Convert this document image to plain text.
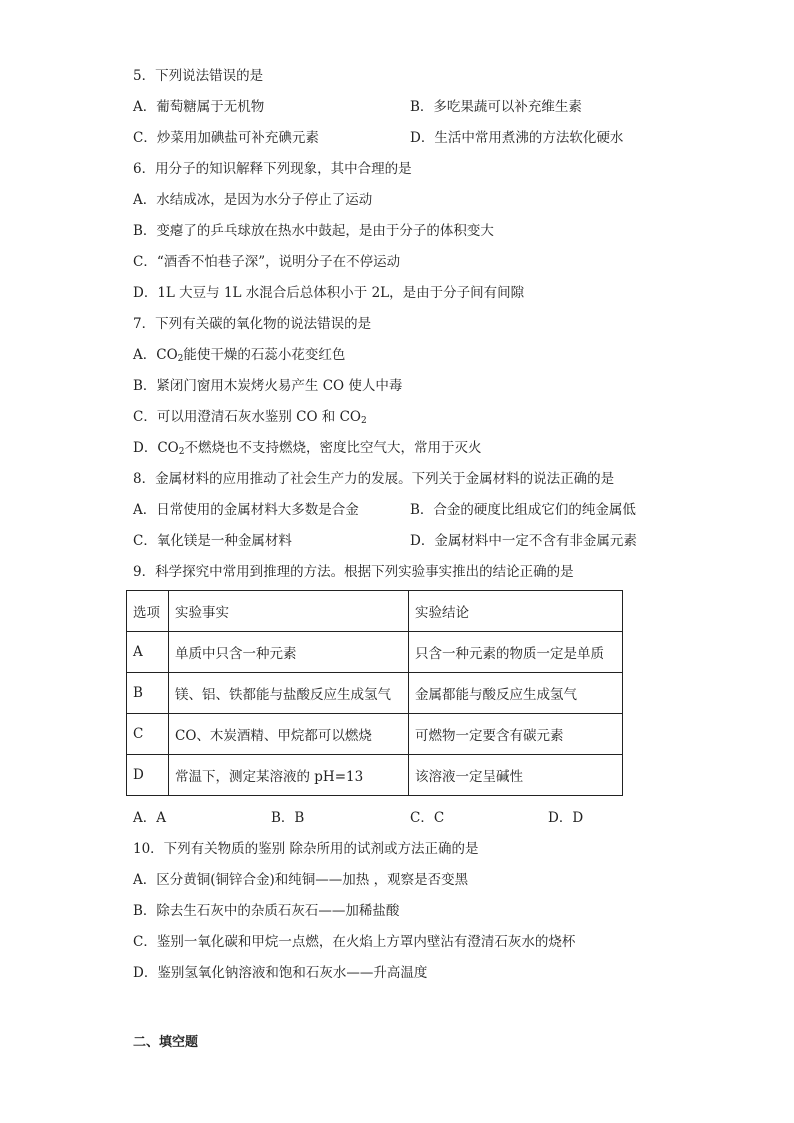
5．下列说法错误的是
A．葡萄糖属于无机物	B．多吃果蔬可以补充维生素
C．炒菜用加碘盐可补充碘元素	D．生活中常用煮沸的方法软化硬水
6．用分子的知识解释下列现象，其中合理的是
A．水结成冰，是因为水分子停止了运动
B．变瘪了的乒乓球放在热水中鼓起，是由于分子的体积变大
C．“酒香不怕巷子深”，说明分子在不停运动
D．1L 大豆与 1L 水混合后总体积小于 2L，是由于分子间有间隙
7．下列有关碳的氧化物的说法错误的是
A．$CO_2$能使干燥的石蕊小花变红色
B．紧闭门窗用木炭烤火易产生 CO 使人中毒
C．可以用澄清石灰水鉴别 CO 和 $CO_2$
D．$CO_2$不燃烧也不支持燃烧，密度比空气大，常用于灭火
8．金属材料的应用推动了社会生产力的发展。下列关于金属材料的说法正确的是
A．日常使用的金属材料大多数是合金	B．合金的硬度比组成它们的纯金属低
C．氧化镁是一种金属材料	D．金属材料中一定不含有非金属元素
9．科学探究中常用到推理的方法。根据下列实验事实推出的结论正确的是
选项	实验事实	实验结论
A	单质中只含一种元素	只含一种元素的物质一定是单质
B	镁、铝、铁都能与盐酸反应生成氢气	金属都能与酸反应生成氢气
C	CO、木炭酒精、甲烷都可以燃烧	可燃物一定要含有碳元素
D	常温下，测定某溶液的 pH=13	该溶液一定呈碱性
A．A	B．B	C．C	D．D
10．下列有关物质的鉴别 除杂所用的试剂或方法正确的是
A．区分黄铜(铜锌合金)和纯铜——加热 ，观察是否变黑
B．除去生石灰中的杂质石灰石——加稀盐酸
C．鉴别一氧化碳和甲烷一点燃，在火焰上方罩内壁沾有澄清石灰水的烧杯
D．鉴别氢氧化钠溶液和饱和石灰水——升高温度
二、填空题
